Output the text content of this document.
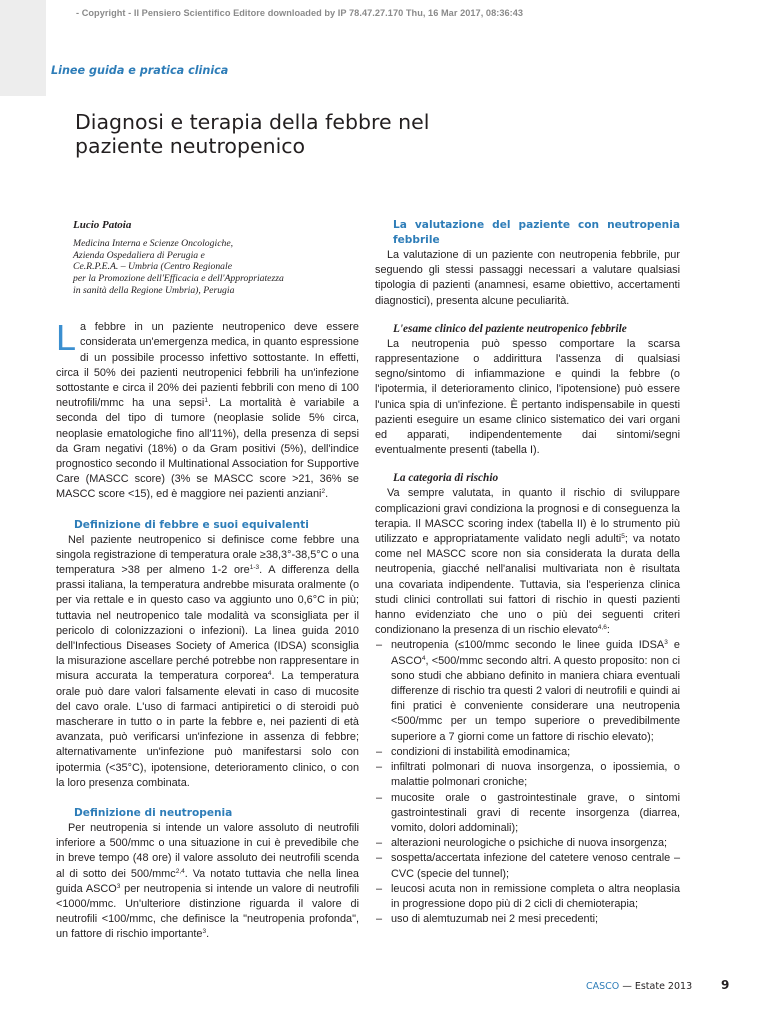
- Copyright - Il Pensiero Scientifico Editore downloaded by IP 78.47.27.170 Thu, 16 Mar 2017, 08:36:43
Linee guida e pratica clinica
Diagnosi e terapia della febbre nel paziente neutropenico
Lucio Patoia
Medicina Interna e Scienze Oncologiche,
Azienda Ospedaliera di Perugia e
Ce.R.P.E.A. – Umbria (Centro Regionale
per la Promozione dell'Efficacia e dell'Appropriatezza
in sanità della Regione Umbria), Perugia

La febbre in un paziente neutropenico deve essere considerata un'emergenza medica, in quanto espressione di un possibile processo infettivo sottostante. In effetti, circa il 50% dei pazienti neutropenici febbrili ha un'infezione sottostante e circa il 20% dei pazienti febbrili con meno di 100 neutrofili/mmc ha una sepsi$^1$. La mortalità è variabile a seconda del tipo di tumore (neoplasie solide 5% circa, neoplasie ematologiche fino all'11%), della presenza di sepsi da Gram negativi (18%) o da Gram positivi (5%), dell'indice prognostico secondo il Multinational Association for Supportive Care (MASCC score) (3% se MASCC score >21, 36% se MASCC score <15), ed è maggiore nei pazienti anziani$^2$.

Definizione di febbre e suoi equivalenti

Nel paziente neutropenico si definisce come febbre una singola registrazione di temperatura orale ≥38,3°-38,5°C o una temperatura >38 per almeno 1-2 ore$^{1-3}$. A differenza della prassi italiana, la temperatura andrebbe misurata oralmente (o per via rettale e in questo caso va aggiunto uno 0,6°C in più; tuttavia nel neutropenico tale modalità va sconsigliata per il pericolo di colonizzazioni o infezioni). La linea guida 2010 dell'Infectious Diseases Society of America (IDSA) sconsiglia la misurazione ascellare perché potrebbe non rappresentare in misura accurata la temperatura corporea$^4$. La temperatura orale può dare valori falsamente elevati in caso di mucosite del cavo orale. L'uso di farmaci antipiretici o di steroidi può mascherare in tutto o in parte la febbre e, nei pazienti di età avanzata, può verificarsi un'infezione in assenza di febbre; alternativamente un'infezione può manifestarsi solo con ipotermia (<35°C), ipotensione, deterioramento clinico, o con la loro presenza combinata.

Definizione di neutropenia

Per neutropenia si intende un valore assoluto di neutrofili inferiore a 500/mmc o una situazione in cui è prevedibile che in breve tempo (48 ore) il valore assoluto dei neutrofili scenda al di sotto dei 500/mmc$^{2,4}$. Va notato tuttavia che nella linea guida ASCO$^3$ per neutropenia si intende un valore di neutrofili <1000/mmc. Un'ulteriore distinzione riguarda il valore di neutrofili <100/mmc, che definisce la "neutropenia profonda", un fattore di rischio importante$^3$.

La valutazione del paziente con neutropenia febbrile

La valutazione di un paziente con neutropenia febbrile, pur seguendo gli stessi passaggi necessari a valutare qualsiasi tipologia di pazienti (anamnesi, esame obiettivo, accertamenti diagnostici), presenta alcune peculiarità.

L'esame clinico del paziente neutropenico febbrile

La neutropenia può spesso comportare la scarsa rappresentazione o addirittura l'assenza di qualsiasi segno/sintomo di infiammazione e quindi la febbre (o l'ipotermia, il deterioramento clinico, l'ipotensione) può essere l'unica spia di un'infezione. È pertanto indispensabile in questi pazienti eseguire un esame clinico sistematico dei vari organi ed apparati, indipendentemente dai sintomi/segni eventualmente presenti (tabella I).

La categoria di rischio

Va sempre valutata, in quanto il rischio di sviluppare complicazioni gravi condiziona la prognosi e di conseguenza la terapia. Il MASCC scoring index (tabella II) è lo strumento più utilizzato e appropriatamente validato negli adulti$^5$; va notato come nel MASCC score non sia considerata la durata della neutropenia, giacché nell'analisi multivariata non è risultata una covariata indipendente. Tuttavia, sia l'esperienza clinica studi clinici controllati sui fattori di rischio in questi pazienti hanno evidenziato che uno o più dei seguenti criteri condizionano la presenza di un rischio elevato$^{4,6}$:

– neutropenia (≤100/mmc secondo le linee guida IDSA$^3$ e $ASCO^4$, <500/mmc secondo altri. A questo proposito: non ci sono studi che abbiano definito in maniera chiara eventuali differenze di rischio tra questi 2 valori di neutrofili e quindi ai fini pratici è conveniente considerare una neutropenia <500/mmc per un tempo superiore o prevedibilmente superiore a 7 giorni come un fattore di rischio elevato);
– condizioni di instabilità emodinamica;
– infiltrati polmonari di nuova insorgenza, o ipossiemia, o malattie polmonari croniche;
– mucosite orale o gastrointestinale grave, o sintomi gastrointestinali gravi di recente insorgenza (diarrea, vomito, dolori addominali);
– alterazioni neurologiche o psichiche di nuova insorgenza;
– sospetta/accertata infezione del catetere venoso centrale – CVC (specie del tunnel);
– leucosi acuta non in remissione completa o altra neoplasia in progressione dopo più di 2 cicli di chemioterapia;
– uso di alemtuzumab nei 2 mesi precedenti;
CASCO — Estate 2013 9
